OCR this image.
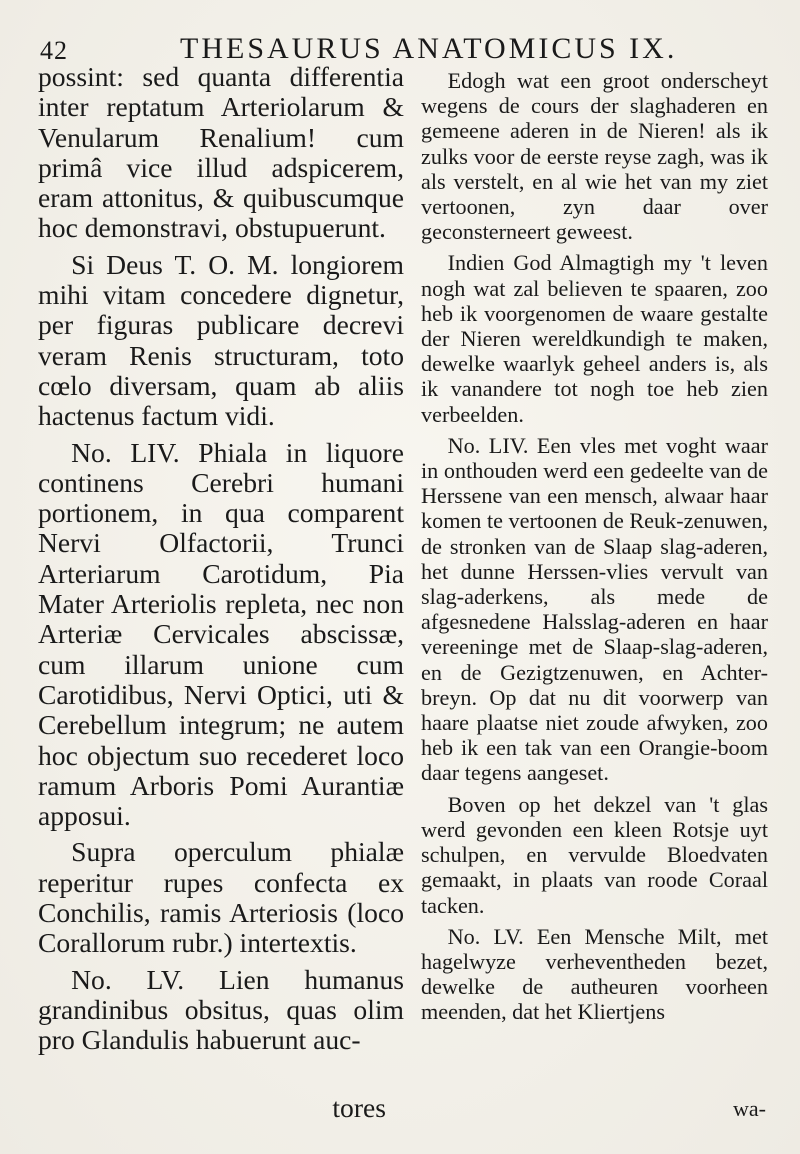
42	THESAURUS ANATOMICUS IX.

possint: sed quanta differentia inter reptatum Arteriolarum & Venularum Renalium! cum primâ vice illud adspicerem, eram attonitus, & quibuscumque hoc demonstravi, obstupuerunt.

Si Deus T. O. M. longiorem mihi vitam concedere dignetur, per figuras publicare decrevi veram Renis structuram, toto cœlo diversam, quam ab aliis hactenus factum vidi.

No. LIV. Phiala in liquore continens Cerebri humani portionem, in qua comparent Nervi Olfactorii, Trunci Arteriarum Carotidum, Pia Mater Arteriolis repleta, nec non Arteriæ Cervicales abscissæ, cum illarum unione cum Carotidibus, Nervi Optici, uti & Cerebellum integrum; ne autem hoc objectum suo recederet loco ramum Arboris Pomi Aurantiæ apposui.

Supra operculum phialæ reperitur rupes confecta ex Conchilis, ramis Arteriosis (loco Corallorum rubr.) intertextis.

No. LV. Lien humanus grandinibus obsitus, quas olim pro Glandulis habuerunt auc-

tores

Edogh wat een groot onderscheyt wegens de cours der slaghaderen en gemeene aderen in de Nieren! als ik zulks voor de eerste reyse zagh, was ik als verstelt, en al wie het van my ziet vertoonen, zyn daar over geconsterneert geweest.

Indien God Almagtigh my 't leven nogh wat zal believen te spaaren, zoo heb ik voorgenomen de waare gestalte der Nieren wereldkundigh te maken, dewelke waarlyk geheel anders is, als ik vanandere tot nogh toe heb zien verbeelden.

No. LIV. Een vles met voght waar in onthouden werd een gedeelte van de Herssene van een mensch, alwaar haar komen te vertoonen de Reuk-zenuwen, de stronken van de Slaap slag-aderen, het dunne Herssen-vlies vervult van slag-aderkens, als mede de afgesnedene Halsslag-aderen en haar vereeninge met de Slaap-slag-aderen, en de Gezigtzenuwen, en Achter-breyn. Op dat nu dit voorwerp van haare plaatse niet zoude afwyken, zoo heb ik een tak van een Orangie-boom daar tegens aangeset.

Boven op het dekzel van 't glas werd gevonden een kleen Rotsje uyt schulpen, en vervulde Bloedvaten gemaakt, in plaats van roode Coraal tacken.

No. LV. Een Mensche Milt, met hagelwyze verheventheden bezet, dewelke de autheuren voorheen meenden, dat het Kliertjens

wa-
